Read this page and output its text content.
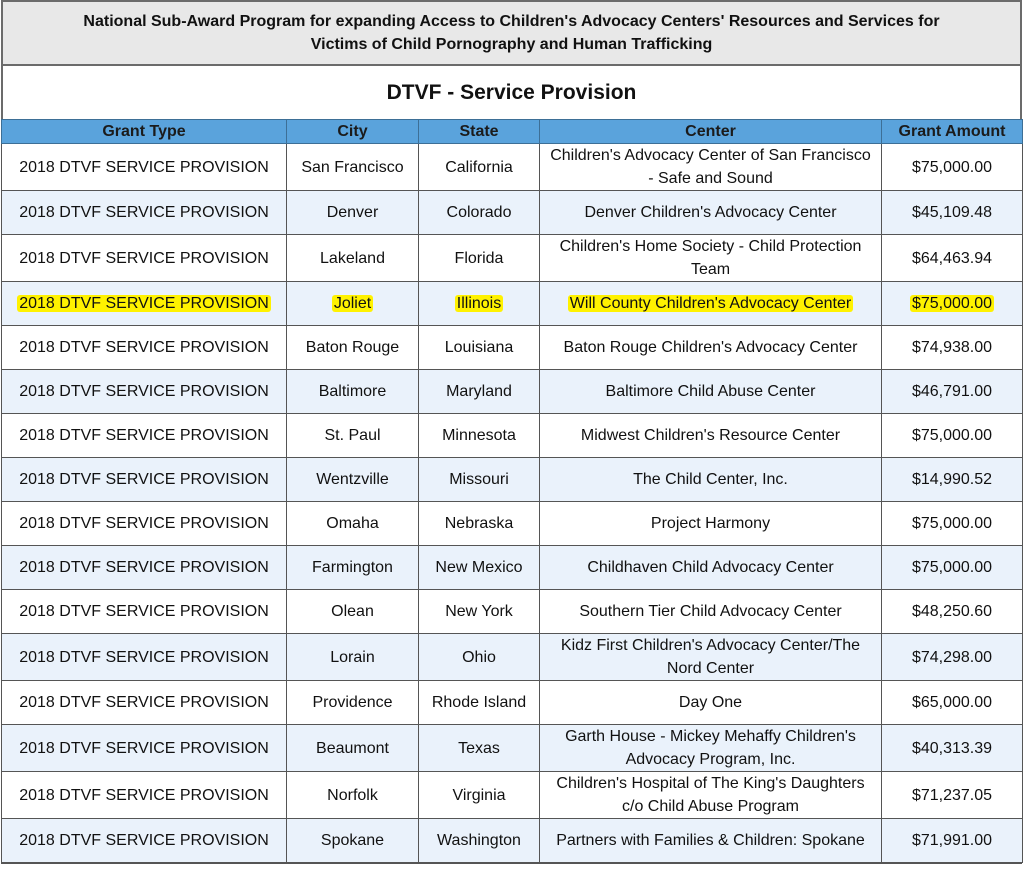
National Sub-Award Program for expanding Access to Children's Advocacy Centers' Resources and Services for
Victims of Child Pornography and Human Trafficking
DTVF - Service Provision
Grant Type	City	State	Center	Grant Amount
2018 DTVF SERVICE PROVISION	San Francisco	California	Children's Advocacy Center of San Francisco - Safe and Sound	$75,000.00
2018 DTVF SERVICE PROVISION	Denver	Colorado	Denver Children's Advocacy Center	$45,109.48
2018 DTVF SERVICE PROVISION	Lakeland	Florida	Children's Home Society - Child Protection Team	$64,463.94
2018 DTVF SERVICE PROVISION	Joliet	Illinois	Will County Children's Advocacy Center	$75,000.00
2018 DTVF SERVICE PROVISION	Baton Rouge	Louisiana	Baton Rouge Children's Advocacy Center	$74,938.00
2018 DTVF SERVICE PROVISION	Baltimore	Maryland	Baltimore Child Abuse Center	$46,791.00
2018 DTVF SERVICE PROVISION	St. Paul	Minnesota	Midwest Children's Resource Center	$75,000.00
2018 DTVF SERVICE PROVISION	Wentzville	Missouri	The Child Center, Inc.	$14,990.52
2018 DTVF SERVICE PROVISION	Omaha	Nebraska	Project Harmony	$75,000.00
2018 DTVF SERVICE PROVISION	Farmington	New Mexico	Childhaven Child Advocacy Center	$75,000.00
2018 DTVF SERVICE PROVISION	Olean	New York	Southern Tier Child Advocacy Center	$48,250.60
2018 DTVF SERVICE PROVISION	Lorain	Ohio	Kidz First Children's Advocacy Center/The Nord Center	$74,298.00
2018 DTVF SERVICE PROVISION	Providence	Rhode Island	Day One	$65,000.00
2018 DTVF SERVICE PROVISION	Beaumont	Texas	Garth House - Mickey Mehaffy Children's Advocacy Program, Inc.	$40,313.39
2018 DTVF SERVICE PROVISION	Norfolk	Virginia	Children's Hospital of The King's Daughters c/o Child Abuse Program	$71,237.05
2018 DTVF SERVICE PROVISION	Spokane	Washington	Partners with Families & Children: Spokane	$71,991.00
